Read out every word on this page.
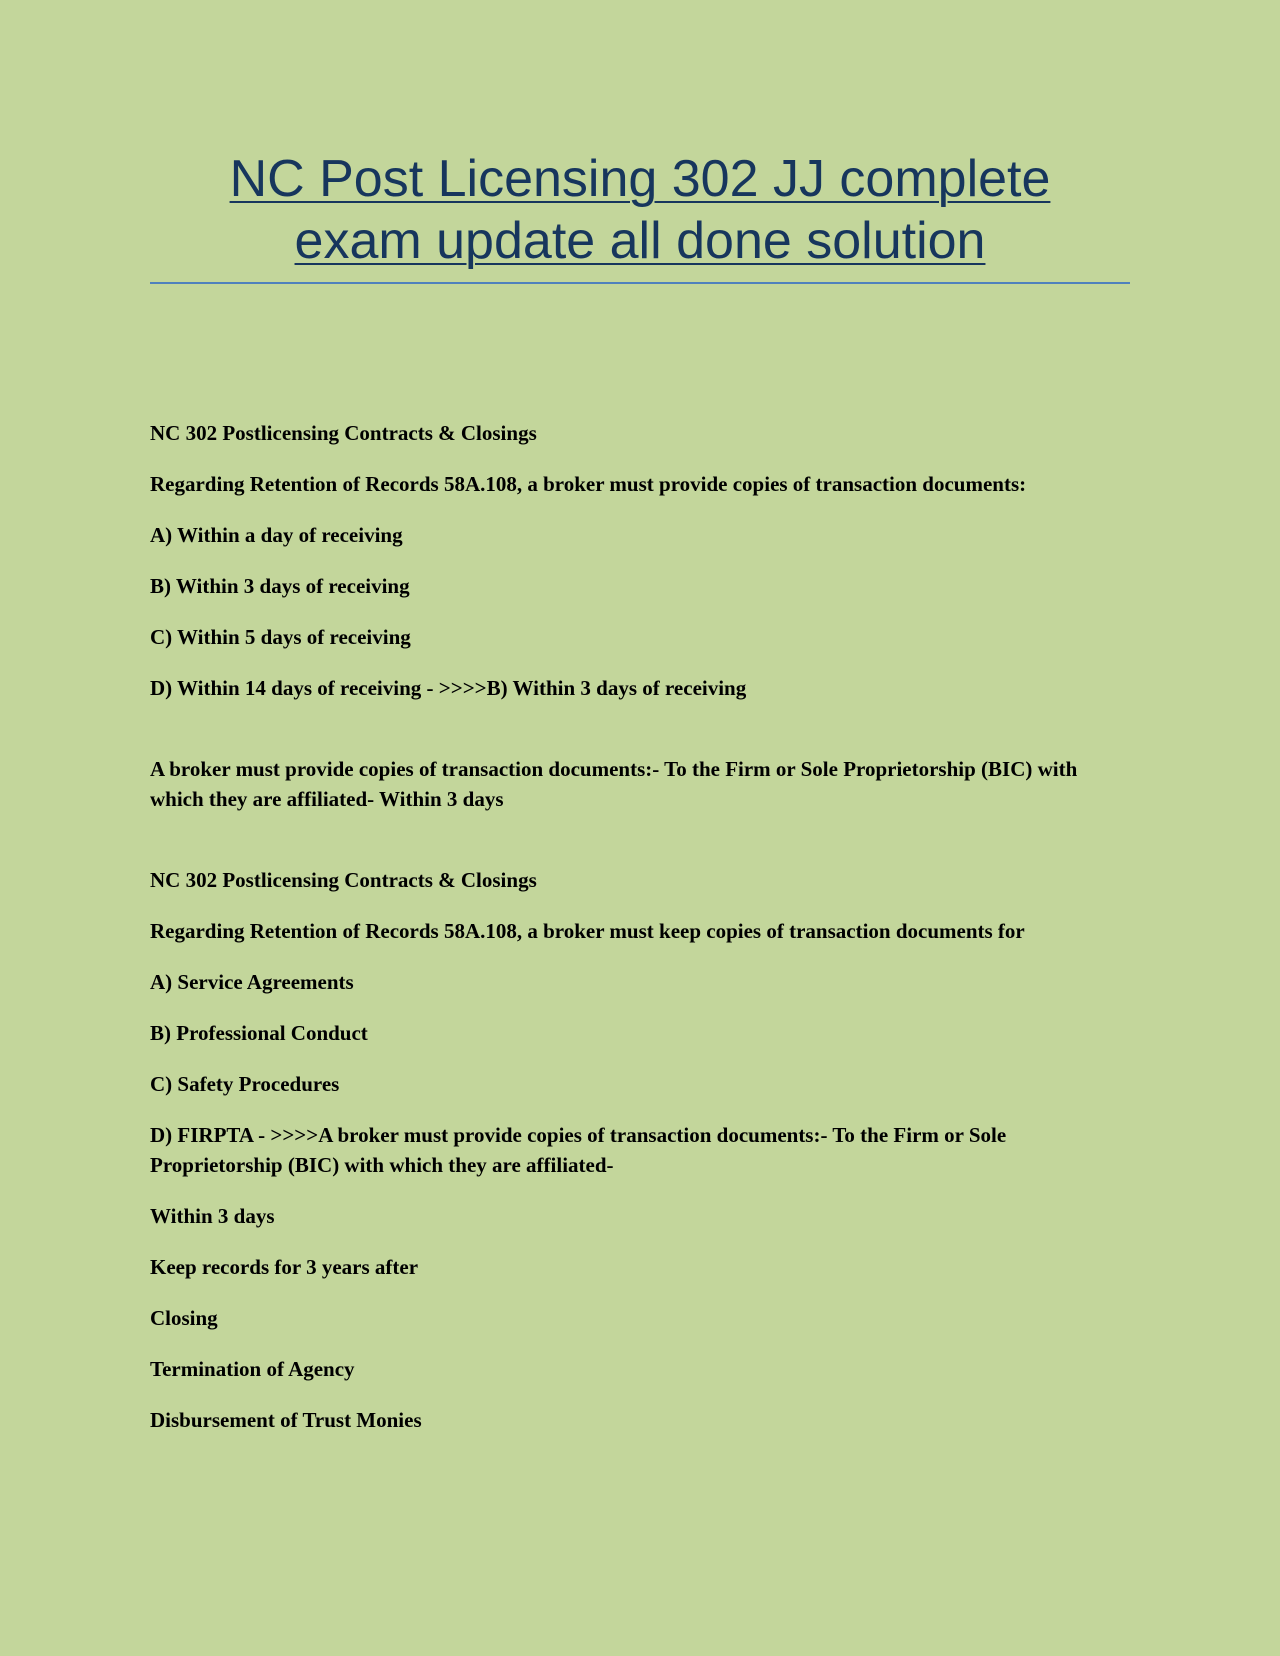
NC Post Licensing 302 JJ complete
exam update all done solution

NC 302 Postlicensing Contracts & Closings

Regarding Retention of Records 58A.108, a broker must provide copies of transaction documents:

A) Within a day of receiving

B) Within 3 days of receiving

C) Within 5 days of receiving

D) Within 14 days of receiving - >>>>B) Within 3 days of receiving

A broker must provide copies of transaction documents:- To the Firm or Sole Proprietorship (BIC) with which they are affiliated- Within 3 days

NC 302 Postlicensing Contracts & Closings

Regarding Retention of Records 58A.108, a broker must keep copies of transaction documents for

A) Service Agreements

B) Professional Conduct

C) Safety Procedures

D) FIRPTA - >>>>A broker must provide copies of transaction documents:- To the Firm or Sole Proprietorship (BIC) with which they are affiliated-

Within 3 days

Keep records for 3 years after

Closing

Termination of Agency

Disbursement of Trust Monies
